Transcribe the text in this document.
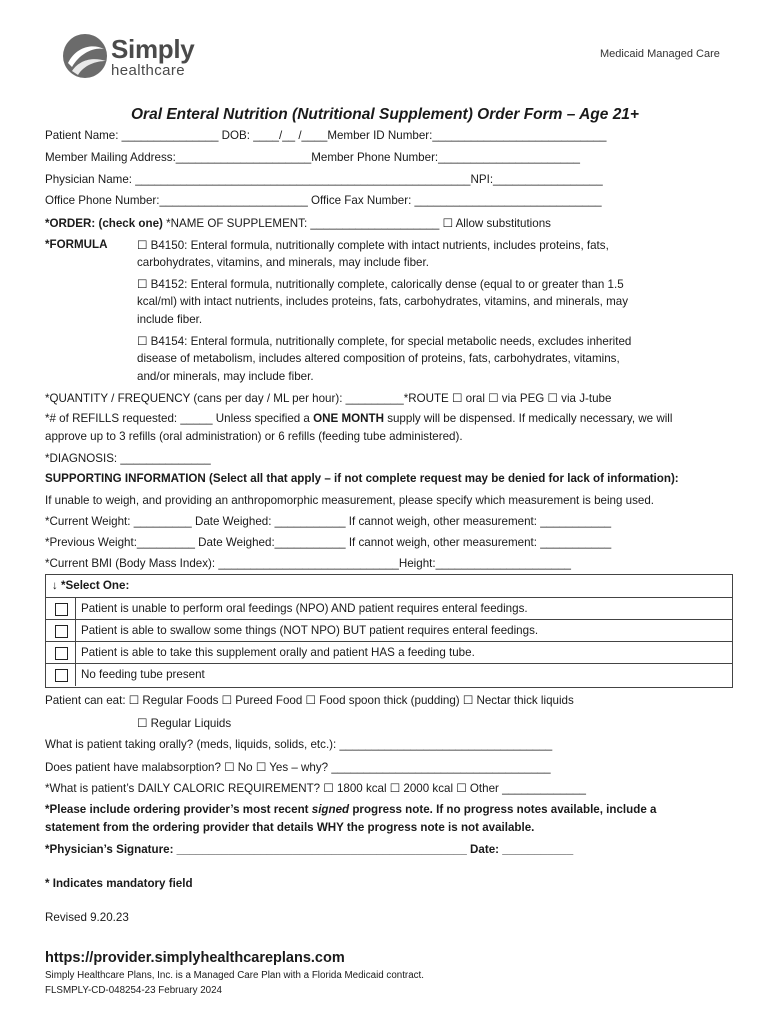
Simply
healthcare
Medicaid Managed Care
Oral Enteral Nutrition (Nutritional Supplement) Order Form – Age 21+
Patient Name: _______________ DOB: ____/__ /____Member ID Number:___________________________
Member Mailing Address:_____________________Member Phone Number:______________________
Physician Name: ____________________________________________________NPI:_________________
Office Phone Number:_______________________ Office Fax Number: _____________________________
*ORDER: (check one) *NAME OF SUPPLEMENT: ____________________ ☐ Allow substitutions
*FORMULA	☐ B4150: Enteral formula, nutritionally complete with intact nutrients, includes proteins, fats,
carbohydrates, vitamins, and minerals, may include fiber.
☐ B4152: Enteral formula, nutritionally complete, calorically dense (equal to or greater than 1.5
kcal/ml) with intact nutrients, includes proteins, fats, carbohydrates, vitamins, and minerals, may
include fiber.
☐ B4154: Enteral formula, nutritionally complete, for special metabolic needs, excludes inherited
disease of metabolism, includes altered composition of proteins, fats, carbohydrates, vitamins,
and/or minerals, may include fiber.
*QUANTITY / FREQUENCY (cans per day / ML per hour): _________*ROUTE ☐ oral ☐ via PEG ☐ via J-tube
*# of REFILLS requested: _____ Unless specified a ONE MONTH supply will be dispensed. If medically necessary, we will
approve up to 3 refills (oral administration) or 6 refills (feeding tube administered).
*DIAGNOSIS: ______________
SUPPORTING INFORMATION (Select all that apply – if not complete request may be denied for lack of information):
If unable to weigh, and providing an anthropomorphic measurement, please specify which measurement is being used.
*Current Weight: _________ Date Weighed: ___________ If cannot weigh, other measurement: ___________
*Previous Weight:_________ Date Weighed:___________ If cannot weigh, other measurement: ___________
*Current BMI (Body Mass Index): ____________________________Height:_____________________
↓ *Select One:
Patient is unable to perform oral feedings (NPO) AND patient requires enteral feedings.
Patient is able to swallow some things (NOT NPO) BUT patient requires enteral feedings.
Patient is able to take this supplement orally and patient HAS a feeding tube.
No feeding tube present
Patient can eat: ☐ Regular Foods ☐ Pureed Food ☐ Food spoon thick (pudding) ☐ Nectar thick liquids
☐ Regular Liquids
What is patient taking orally? (meds, liquids, solids, etc.): _________________________________
Does patient have malabsorption? ☐ No ☐ Yes – why? __________________________________
*What is patient’s DAILY CALORIC REQUIREMENT? ☐ 1800 kcal ☐ 2000 kcal ☐ Other _____________
*Please include ordering provider’s most recent signed progress note. If no progress notes available, include a
statement from the ordering provider that details WHY the progress note is not available.
*Physician’s Signature: _____________________________________________ Date: ___________
* Indicates mandatory field
Revised 9.20.23
https://provider.simplyhealthcareplans.com
Simply Healthcare Plans, Inc. is a Managed Care Plan with a Florida Medicaid contract.
FLSMPLY-CD-048254-23 February 2024
